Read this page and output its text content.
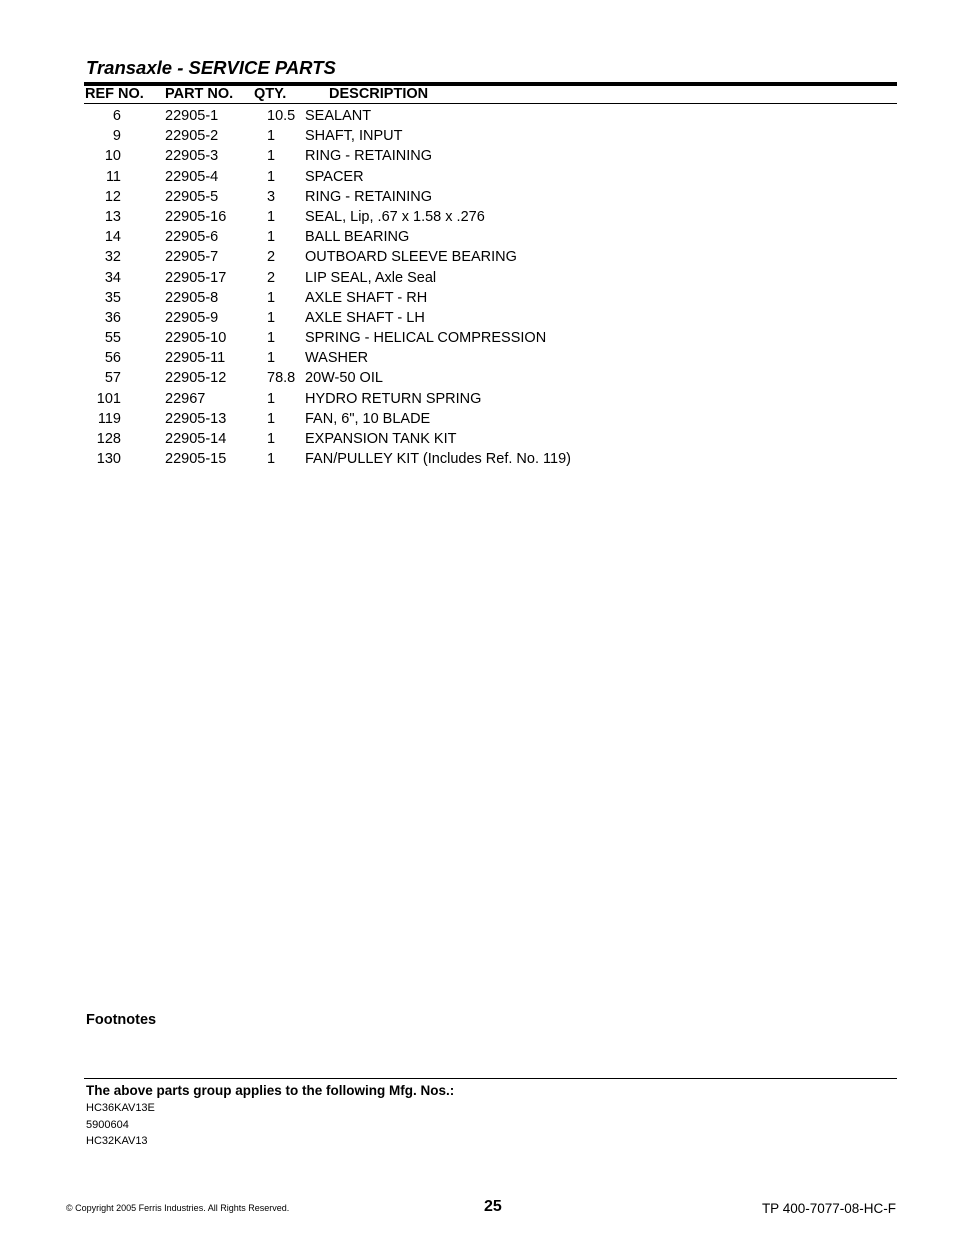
Transaxle - SERVICE PARTS
REF NO. PART NO. QTY.	DESCRIPTION
6	22905-1	10.5 SEALANT
9	22905-2	1 SHAFT, INPUT
10	22905-3	1 RING - RETAINING
11	22905-4	1 SPACER
12	22905-5	3 RING - RETAINING
13	22905-16	1 SEAL, Lip, .67 x 1.58 x .276
14	22905-6	1 BALL BEARING
32	22905-7	2 OUTBOARD SLEEVE BEARING
34	22905-17	2 LIP SEAL, Axle Seal
35	22905-8	1 AXLE SHAFT - RH
36	22905-9	1 AXLE SHAFT - LH
55	22905-10	1 SPRING - HELICAL COMPRESSION
56	22905-11	1 WASHER
57	22905-12	78.8 20W-50 OIL
101	22967	1 HYDRO RETURN SPRING
119	22905-13	1 FAN, 6", 10 BLADE
128	22905-14	1 EXPANSION TANK KIT
130	22905-15	1 FAN/PULLEY KIT (Includes Ref. No. 119)
Footnotes
The above parts group applies to the following Mfg. Nos.:
HC36KAV13E
5900604
HC32KAV13
© Copyright 2005 Ferris Industries. All Rights Reserved.	25	TP 400-7077-08-HC-F
